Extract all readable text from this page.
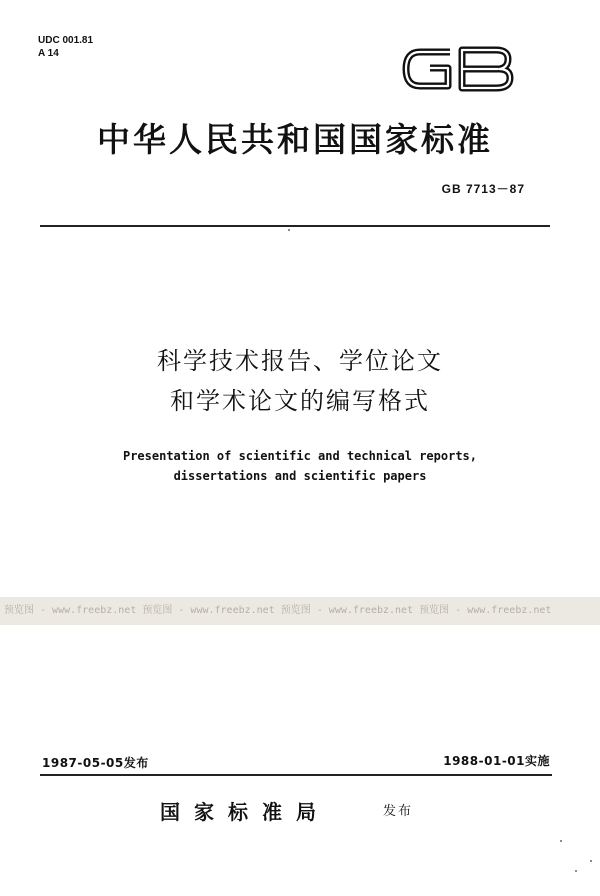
UDC 001.81
A 14
中华人民共和国国家标准
GB 7713－87
科学技术报告、学位论文
和学术论文的编写格式
Presentation of scientific and technical reports,
dissertations and scientific papers
预览图 - www.freebz.net 预览图 - www.freebz.net 预览图 - www.freebz.net 预览图 - www.freebz.net
1987-05-05发布	1988-01-01实施
国家标准局	发布
